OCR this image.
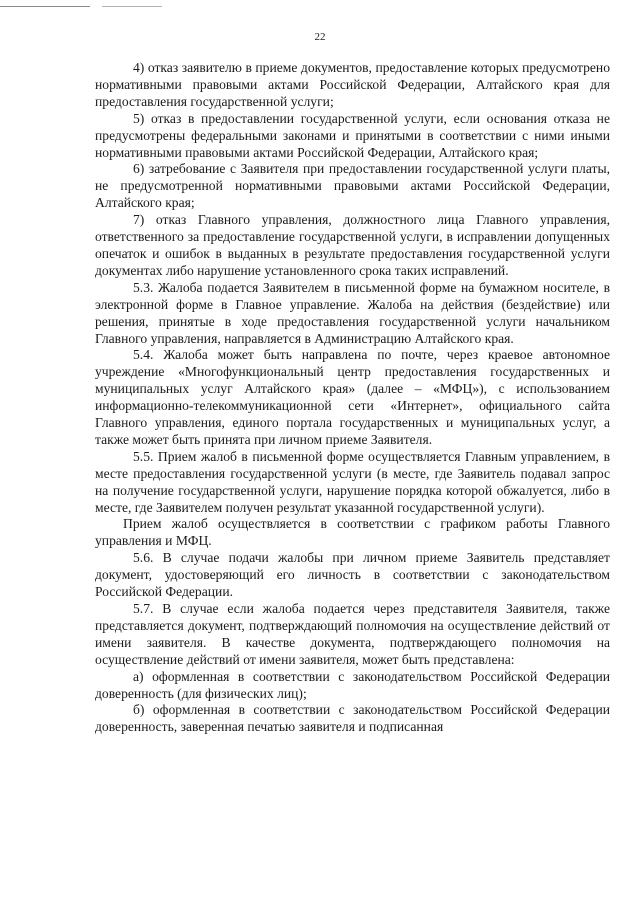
22

4) отказ заявителю в приеме документов, предоставление которых предусмотрено нормативными правовыми актами Российской Федерации, Алтайского края для предоставления государственной услуги;

5) отказ в предоставлении государственной услуги, если основания отказа не предусмотрены федеральными законами и принятыми в соответствии с ними иными нормативными правовыми актами Российской Федерации, Алтайского края;

6) затребование с Заявителя при предоставлении государственной услуги платы, не предусмотренной нормативными правовыми актами Российской Федерации, Алтайского края;

7) отказ Главного управления, должностного лица Главного управления, ответственного за предоставление государственной услуги, в исправлении допущенных опечаток и ошибок в выданных в результате предоставления государственной услуги документах либо нарушение установленного срока таких исправлений.

5.3. Жалоба подается Заявителем в письменной форме на бумажном носителе, в электронной форме в Главное управление. Жалоба на действия (бездействие) или решения, принятые в ходе предоставления государственной услуги начальником Главного управления, направляется в Администрацию Алтайского края.

5.4. Жалоба может быть направлена по почте, через краевое автономное учреждение «Многофункциональный центр предоставления государственных и муниципальных услуг Алтайского края» (далее – «МФЦ»), с использованием информационно-телекоммуникационной сети «Интернет», официального сайта Главного управления, единого портала государственных и муниципальных услуг, а также может быть принята при личном приеме Заявителя.

5.5. Прием жалоб в письменной форме осуществляется Главным управлением, в месте предоставления государственной услуги (в месте, где Заявитель подавал запрос на получение государственной услуги, нарушение порядка которой обжалуется, либо в месте, где Заявителем получен результат указанной государственной услуги).

Прием жалоб осуществляется в соответствии с графиком работы Главного управления и МФЦ.

5.6. В случае подачи жалобы при личном приеме Заявитель представляет документ, удостоверяющий его личность в соответствии с законодательством Российской Федерации.

5.7. В случае если жалоба подается через представителя Заявителя, также представляется документ, подтверждающий полномочия на осуществление действий от имени заявителя. В качестве документа, подтверждающего полномочия на осуществление действий от имени заявителя, может быть представлена:

а) оформленная в соответствии с законодательством Российской Федерации доверенность (для физических лиц);

б) оформленная в соответствии с законодательством Российской Федерации доверенность, заверенная печатью заявителя и подписанная
